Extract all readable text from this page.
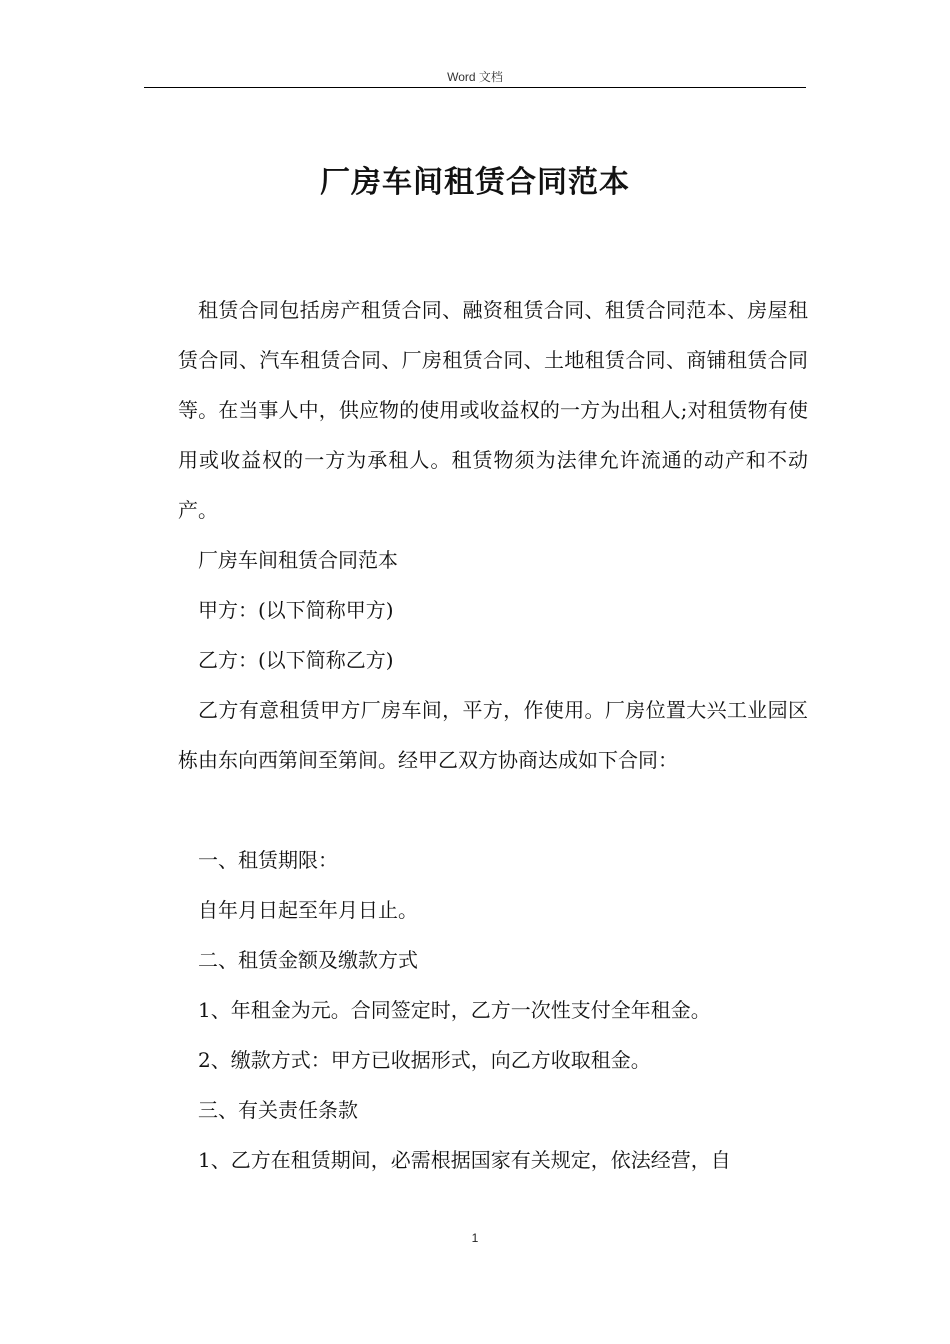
Word 文档
厂房车间租赁合同范本

租赁合同包括房产租赁合同、融资租赁合同、租赁合同范本、房屋租赁合同、汽车租赁合同、厂房租赁合同、土地租赁合同、商铺租赁合同等。在当事人中，供应物的使用或收益权的一方为出租人;对租赁物有使用或收益权的一方为承租人。租赁物须为法律允许流通的动产和不动产。

厂房车间租赁合同范本

甲方：(以下简称甲方)

乙方：(以下简称乙方)

乙方有意租赁甲方厂房车间，平方，作使用。厂房位置大兴工业园区栋由东向西第间至第间。经甲乙双方协商达成如下合同：

一、租赁期限：

自年月日起至年月日止。

二、租赁金额及缴款方式

1、年租金为元。合同签定时，乙方一次性支付全年租金。

2、缴款方式：甲方已收据形式，向乙方收取租金。

三、有关责任条款

1、乙方在租赁期间，必需根据国家有关规定，依法经营，自

1
